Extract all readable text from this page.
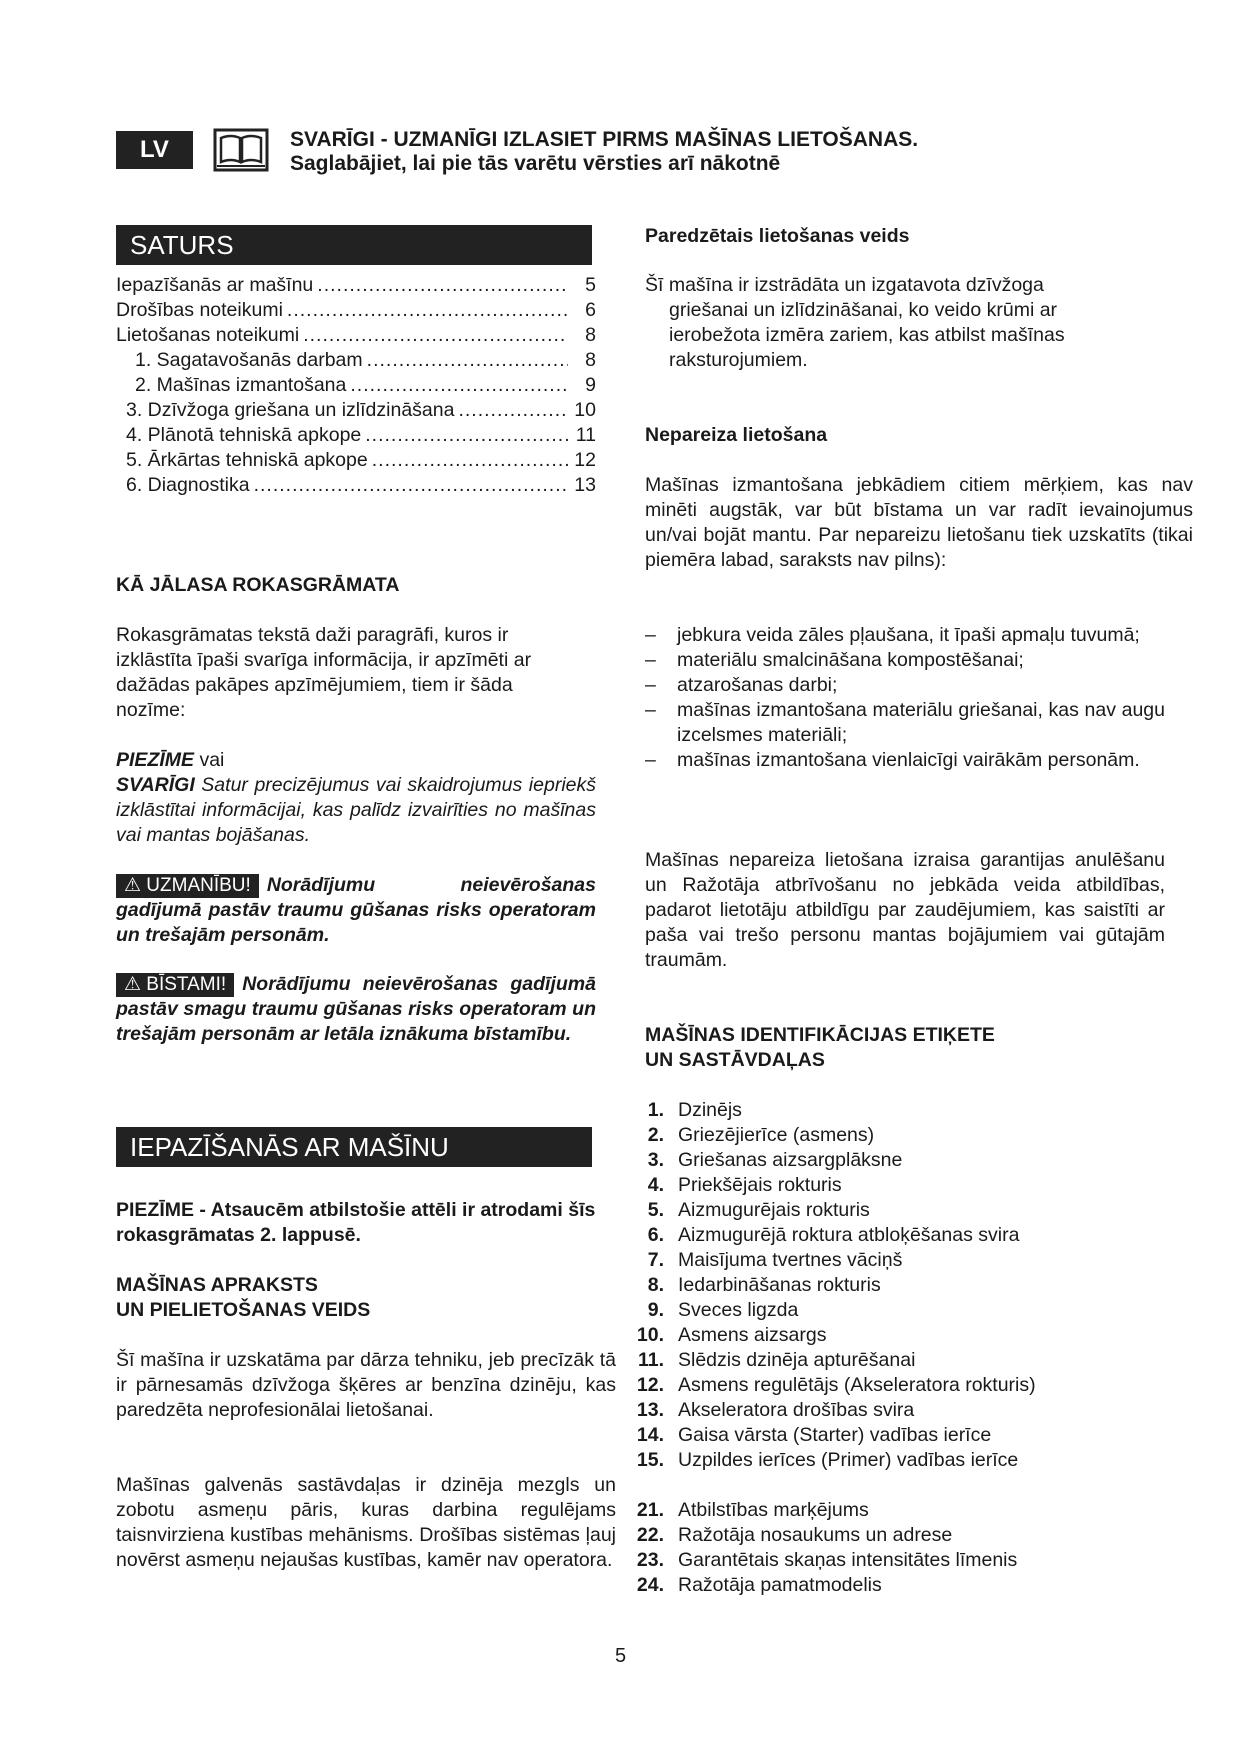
LV	SVARĪGI - UZMANĪGI IZLASIET PIRMS MAŠĪNAS LIETOŠANAS.
Saglabājiet, lai pie tās varētu vērsties arī nākotnē
SATURS
Iepazīšanās ar mašīnu .....	5
Drošības noteikumi .....	6
Lietošanas noteikumi .....	8
1. Sagatavošanās darbam .....	8
2. Mašīnas izmantošana .....	9
3. Dzīvžoga griešana un izlīdzināšana .....	10
4. Plānotā tehniskā apkope .....	11
5. Ārkārtas tehniskā apkope .....	12
6. Diagnostika .....	13
KĀ JĀLASA ROKASGRĀMATA
Rokasgrāmatas tekstā daži paragrāfi, kuros ir izklāstīta īpaši svarīga informācija, ir apzīmēti ar dažādas pakāpes apzīmējumiem, tiem ir šāda nozīme:
PIEZĪME vai

SVARĪGI Satur precizējumus vai skaidrojumus iepriekš izklāstītai informācijai, kas palīdz izvairīties no mašīnas vai mantas bojāšanas.
⚠ UZMANĪBU! Norādījumu neievērošanas gadījumā pastāv traumu gūšanas risks operatoram un trešajām personām.
⚠ BĪSTAMI! Norādījumu neievērošanas gadījumā pastāv smagu traumu gūšanas risks operatoram un trešajām personām ar letāla iznākuma bīstamību.
IEPAZĪŠANĀS AR MAŠĪNU
PIEZĪME - Atsaucēm atbilstošie attēli ir atrodami šīs rokasgrāmatas 2. lappusē.
MAŠĪNAS APRAKSTS
UN PIELIETOŠANAS VEIDS
Šī mašīna ir uzskatāma par dārza tehniku, jeb precīzāk tā ir pārnesamās dzīvžoga šķēres ar benzīna dzinēju, kas paredzēta neprofesionālai lietošanai.
Mašīnas galvenās sastāvdaļas ir dzinēja mezgls un zobotu asmeņu pāris, kuras darbina regulējams taisnvirziena kustības mehānisms. Drošības sistēmas ļauj novērst asmeņu nejaušas kustības, kamēr nav operatora.
Paredzētais lietošanas veids
Šī mašīna ir izstrādāta un izgatavota dzīvžoga
griešanai un izlīdzināšanai, ko veido krūmi ar ierobežota izmēra zariem, kas atbilst mašīnas raksturojumiem.
Nepareiza lietošana
Mašīnas izmantošana jebkādiem citiem mērķiem, kas nav minēti augstāk, var būt bīstama un var radīt ievainojumus un/vai bojāt mantu. Par nepareizu lietošanu tiek uzskatīts (tikai piemēra labad, saraksts nav pilns):
–	jebkura veida zāles pļaušana, it īpaši apmaļu tuvumā;
–	materiālu smalcināšana kompostēšanai;
–	atzarošanas darbi;
–	mašīnas izmantošana materiālu griešanai, kas nav augu izcelsmes materiāli;
–	mašīnas izmantošana vienlaicīgi vairākām personām.
Mašīnas nepareiza lietošana izraisa garantijas anulēšanu un Ražotāja atbrīvošanu no jebkāda veida atbildības, padarot lietotāju atbildīgu par zaudējumiem, kas saistīti ar paša vai trešo personu mantas bojājumiem vai gūtajām traumām.
MAŠĪNAS IDENTIFIKĀCIJAS ETIĶETE
UN SASTĀVDAĻAS
1. Dzinējs
2. Griezējierīce (asmens)
3. Griešanas aizsargplāksne
4. Priekšējais rokturis
5. Aizmugurējais rokturis
6. Aizmugurējā roktura atbloķēšanas svira
7. Maisījuma tvertnes vāciņš
8. Iedarbināšanas rokturis
9. Sveces ligzda
10. Asmens aizsargs
11. Slēdzis dzinēja apturēšanai
12. Asmens regulētājs (Akseleratora rokturis)
13. Akseleratora drošības svira
14. Gaisa vārsta (Starter) vadības ierīce
15. Uzpildes ierīces (Primer) vadības ierīce
21. Atbilstības marķējums
22. Ražotāja nosaukums un adrese
23. Garantētais skaņas intensitātes līmenis
24. Ražotāja pamatmodelis
5
